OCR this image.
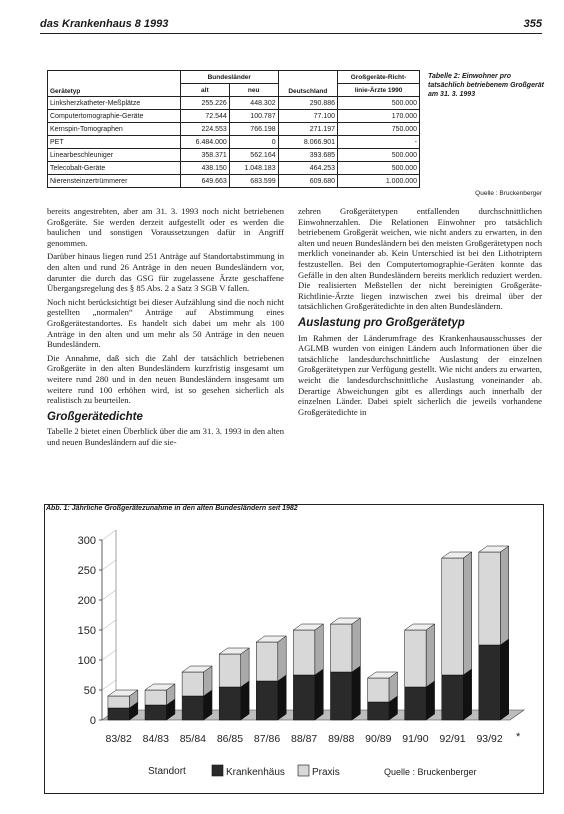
das Krankenhaus 8 1993	355
Gerätetyp	Bundesländer		Deutschland	Großgeräte-Richt-
	alt	neu		linie-Ärzte 1990
Linksherzkatheter-Meßplätze	255.226	448.302	290.886	500.000
Computertomographie-Geräte	72.544	100.787	77.100	170.000
Kernspin-Tomographen	224.553	766.198	271.197	750.000
PET	6.484.000	0	8.066.901	-
Linearbeschleuniger	358.371	562.164	393.685	500.000
Telecobalt-Geräte	438.150	1.048.183	464.253	500.000
Nierensteinzertrümmerer	649.663	683.599	609.680	1.000.000
Tabelle 2: Einwohner pro tatsächlich betriebenem Großgerät am 31. 3. 1993
Quelle : Bruckenberger

bereits angestrebten, aber am 31. 3. 1993 noch nicht betriebenen Großgeräte. Sie werden derzeit aufgestellt oder es werden die baulichen und sonstigen Voraussetzungen dafür in Angriff genommen.

Darüber hinaus liegen rund 251 Anträge auf Standortabstimmung in den alten und rund 26 Anträge in den neuen Bundesländern vor, darunter die durch das GSG für zugelassene Ärzte geschaffene Übergangsregelung des § 85 Abs. 2 a Satz 3 SGB V fallen.

Noch nicht berücksichtigt bei dieser Aufzählung sind die noch nicht gestellten „normalen“ Anträge auf Abstimmung eines Großgerätestandortes. Es handelt sich dabei um mehr als 100 Anträge in den alten und um mehr als 50 Anträge in den neuen Bundesländern.

Die Annahme, daß sich die Zahl der tatsächlich betriebenen Großgeräte in den alten Bundesländern kurzfristig insgesamt um weitere rund 280 und in den neuen Bundesländern insgesamt um weitere rund 100 erhöhen wird, ist so gesehen sicherlich als realistisch zu beurteilen.

Großgerätedichte

Tabelle 2 bietet einen Überblick über die am 31. 3. 1993 in den alten und neuen Bundesländern auf die sie-

zehren Großgerätetypen entfallenden durchschnittlichen Einwohnerzahlen. Die Relationen Einwohner pro tatsächlich betriebenem Großgerät weichen, wie nicht anders zu erwarten, in den alten und neuen Bundesländern bei den meisten Großgerätetypen noch merklich voneinander ab. Kein Unterschied ist bei den Lithotriptern festzustellen. Bei den Computertomographie-Geräten konnte das Gefälle in den alten Bundesländern bereits merklich reduziert werden. Die realisierten Meßstellen der nicht bereinigten Großgeräte-Richtlinie-Ärzte liegen inzwischen zwei bis dreimal über der tatsächlichen Großgerätedichte in den alten Bundesländern.

Auslastung pro Großgerätetyp

Im Rahmen der Länderumfrage des Krankenhausausschusses der AGLMB wurden von einigen Ländern auch Informationen über die tatsächliche landesdurchschnittliche Auslastung der einzelnen Großgerätetypen zur Verfügung gestellt. Wie nicht anders zu erwarten, weicht die landesdurchschnittliche Auslastung voneinander ab. Derartige Abweichungen gibt es allerdings auch innerhalb der einzelnen Länder. Dabei spielt sicherlich die jeweils vorhandene Großgerätedichte in

Abb. 1: Jährliche Großgerätezunahme in den alten Bundesländern seit 1982
0
50
100
150
200
250
300
83/82 84/83 85/84 86/85 87/86 88/87 89/88 90/89 91/90 92/91 93/92 *
Standort	Krankenhäus	Praxis	Quelle : Bruckenberger
